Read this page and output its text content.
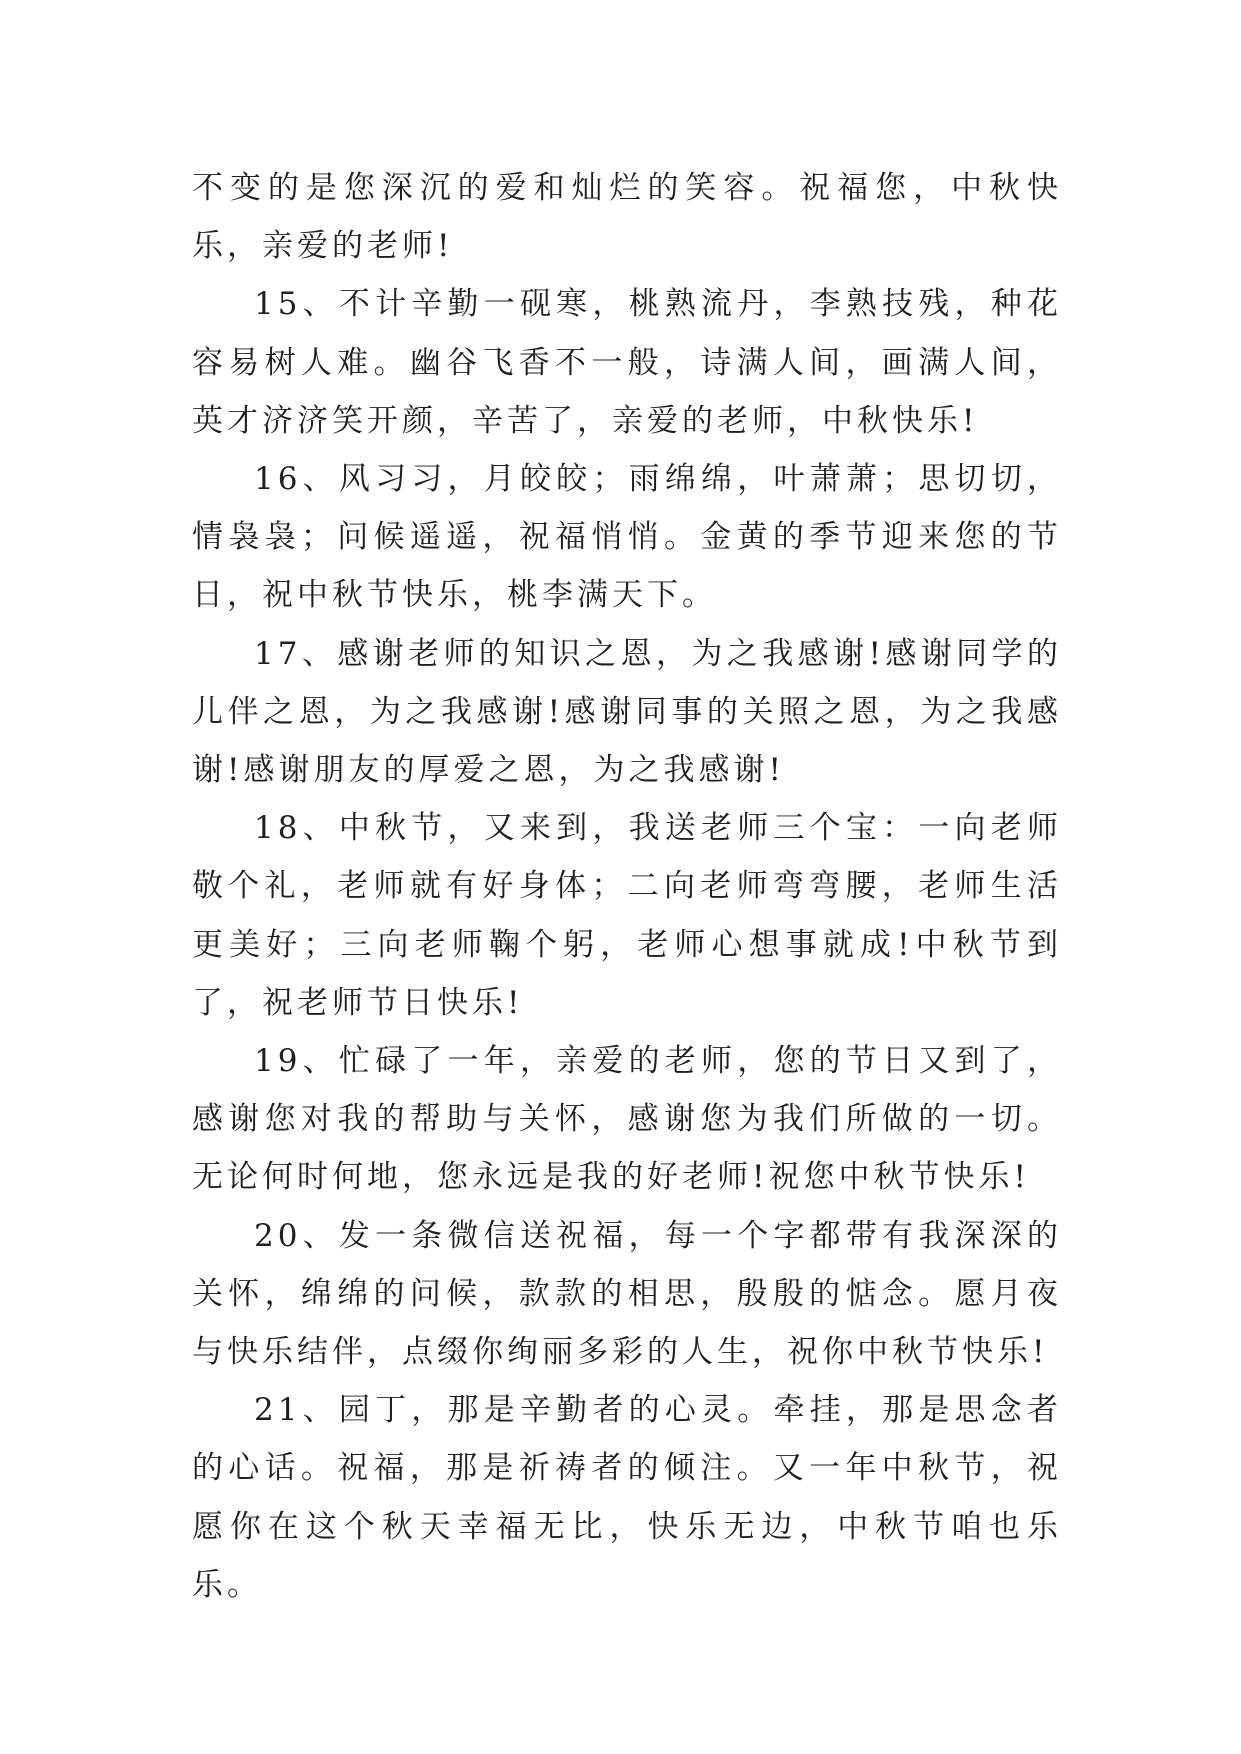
不变的是您深沉的爱和灿烂的笑容。祝福您，中秋快乐，亲爱的老师!

15、不计辛勤一砚寒，桃熟流丹，李熟技残，种花容易树人难。幽谷飞香不一般，诗满人间，画满人间，英才济济笑开颜，辛苦了，亲爱的老师，中秋快乐!

16、风习习，月皎皎；雨绵绵，叶萧萧；思切切，情袅袅；问候遥遥，祝福悄悄。金黄的季节迎来您的节日，祝中秋节快乐，桃李满天下。

17、感谢老师的知识之恩，为之我感谢!感谢同学的儿伴之恩，为之我感谢!感谢同事的关照之恩，为之我感谢!感谢朋友的厚爱之恩，为之我感谢!

18、中秋节，又来到，我送老师三个宝：一向老师敬个礼，老师就有好身体；二向老师弯弯腰，老师生活更美好；三向老师鞠个躬，老师心想事就成!中秋节到了，祝老师节日快乐!

19、忙碌了一年，亲爱的老师，您的节日又到了，感谢您对我的帮助与关怀，感谢您为我们所做的一切。无论何时何地，您永远是我的好老师!祝您中秋节快乐!

20、发一条微信送祝福，每一个字都带有我深深的关怀，绵绵的问候，款款的相思，殷殷的惦念。愿月夜与快乐结伴，点缀你绚丽多彩的人生，祝你中秋节快乐!

21、园丁，那是辛勤者的心灵。牵挂，那是思念者的心话。祝福，那是祈祷者的倾注。又一年中秋节，祝愿你在这个秋天幸福无比，快乐无边，中秋节咱也乐乐。
